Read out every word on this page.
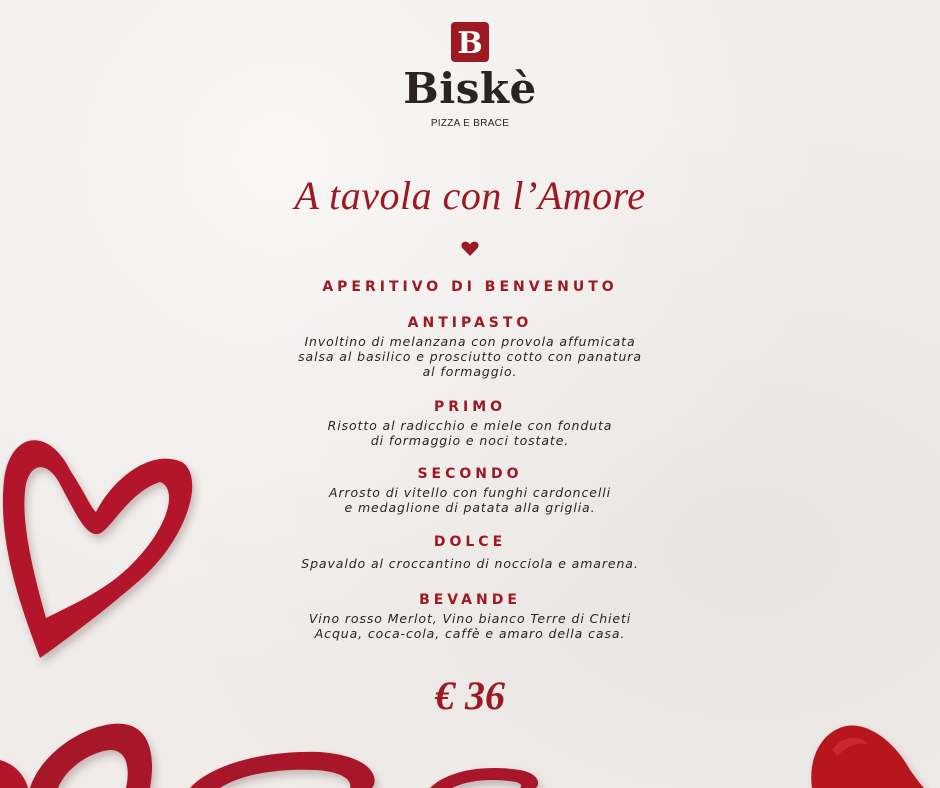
B
Biskè
PIZZA E BRACE
A tavola con l’Amore
APERITIVO DI BENVENUTO
ANTIPASTO
Involtino di melanzana con provola affumicata
salsa al basilico e prosciutto cotto con panatura
al formaggio.
PRIMO
Risotto al radicchio e miele con fonduta
di formaggio e noci tostate.
SECONDO
Arrosto di vitello con funghi cardoncelli
e medaglione di patata alla griglia.
DOLCE
Spavaldo al croccantino di nocciola e amarena.
BEVANDE
Vino rosso Merlot, Vino bianco Terre di Chieti
Acqua, coca-cola, caffè e amaro della casa.
€ 36
